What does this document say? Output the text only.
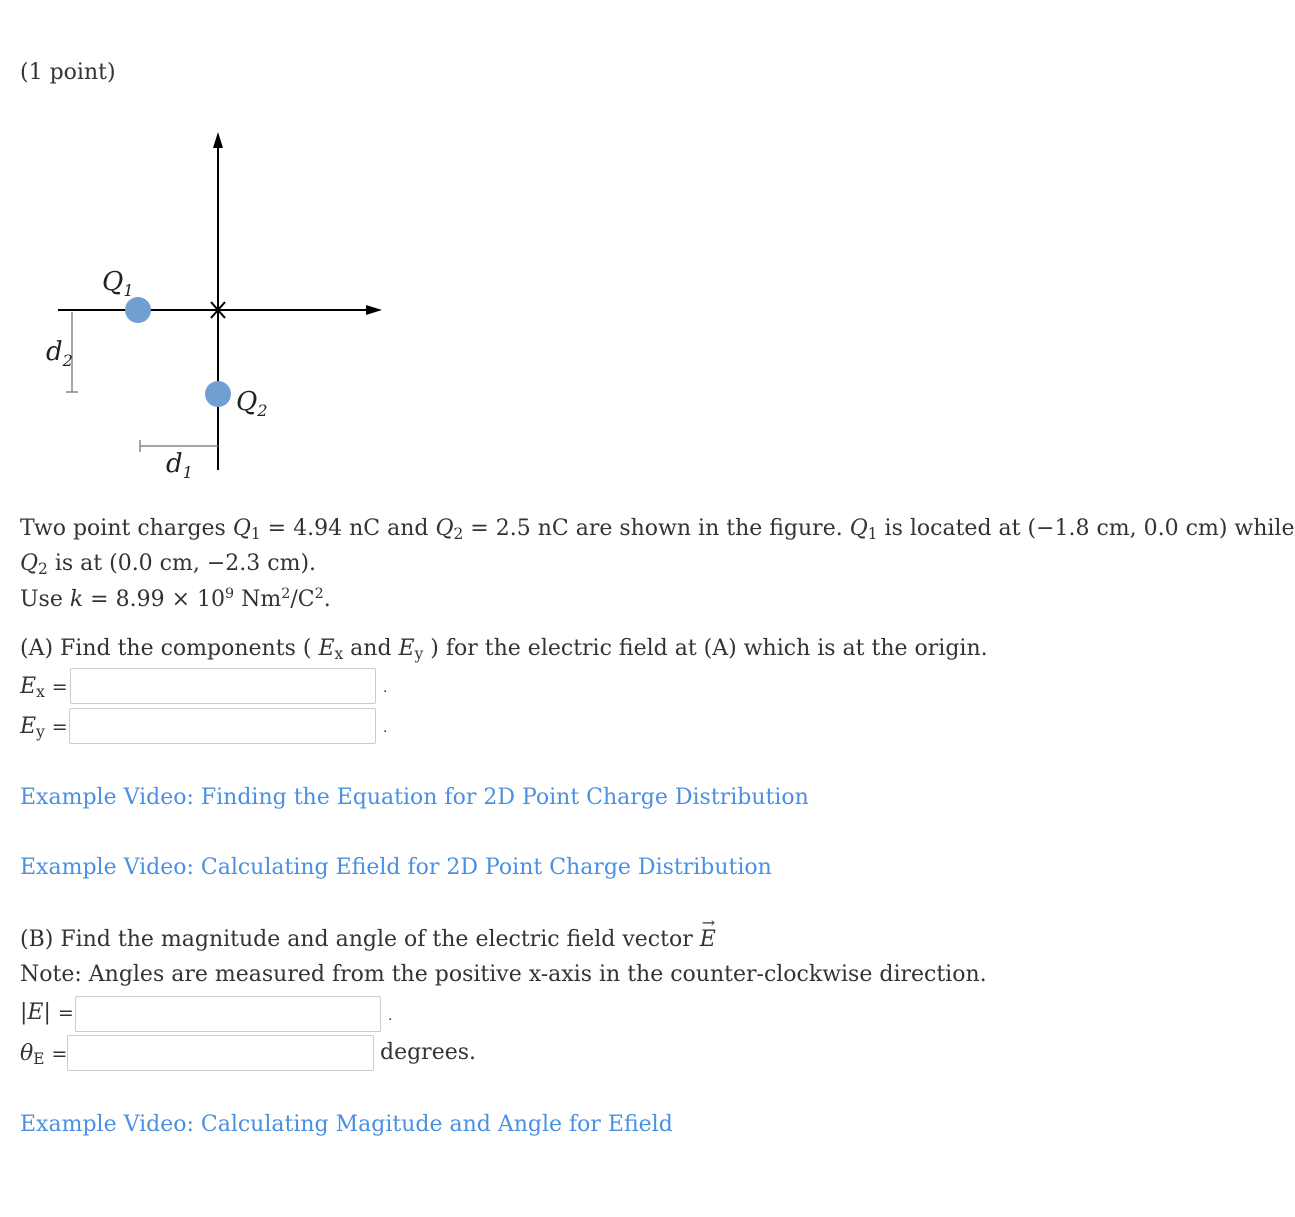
(1 point)
$Q_1$
$Q_2$
$d_2$
$d_1$
Two point charges $Q_1 = 4.94$ nC and $Q_2 = 2.5$ nC are shown in the figure. $Q_1$ is located at (−1.8 cm, 0.0 cm) while
$Q_2$ is at (0.0 cm, −2.3 cm).
Use $k = 8.99 \times 10^9$ $Nm^2/C^2$.
(A) Find the components ( $E_x$ and $E_y$ ) for the electric field at (A) which is at the origin.
$E_x$ =	.
$E_y$ =	.
Example Video: Finding the Equation for 2D Point Charge Distribution
Example Video: Calculating Efield for 2D Point Charge Distribution
(B) Find the magnitude and angle of the electric field vector
→
E
Note: Angles are measured from the positive x-axis in the counter-clockwise direction.
|E| =	.
$\theta_E$ =	degrees.
Example Video: Calculating Magitude and Angle for Efield
